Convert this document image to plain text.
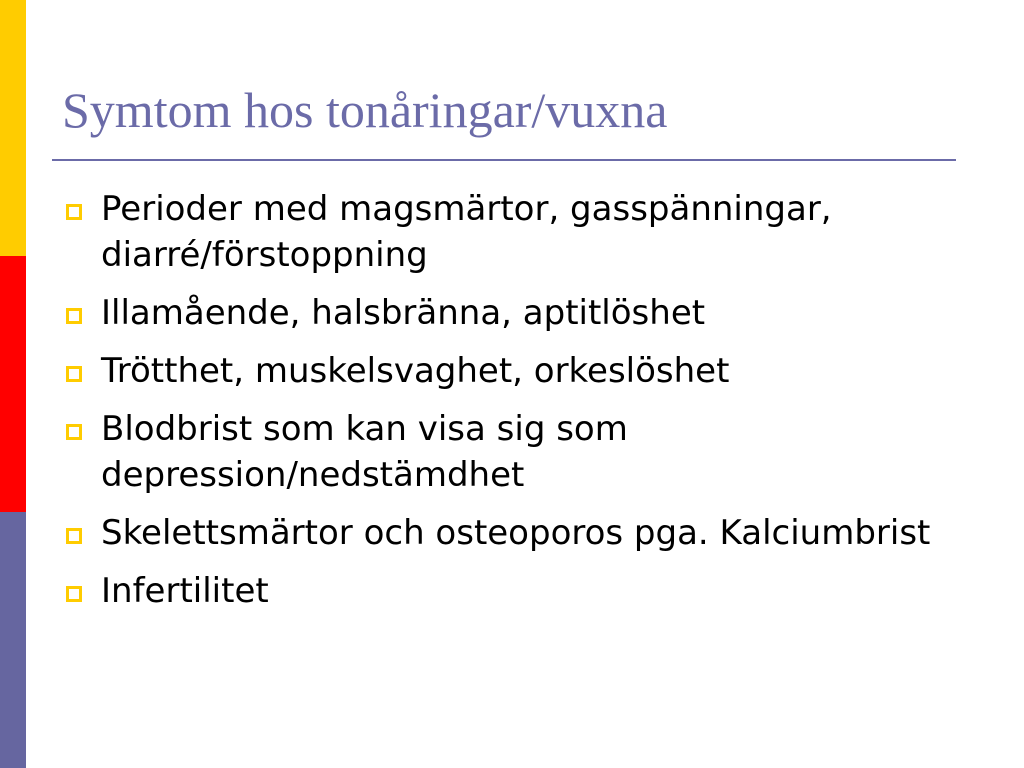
Symtom hos tonåringar/vuxna
Perioder med magsmärtor, gasspänningar, diarré/förstoppning
Illamående, halsbränna, aptitlöshet
Trötthet, muskelsvaghet, orkeslöshet
Blodbrist som kan visa sig som depression/nedstämdhet
Skelettsmärtor och osteoporos pga. Kalciumbrist
Infertilitet
